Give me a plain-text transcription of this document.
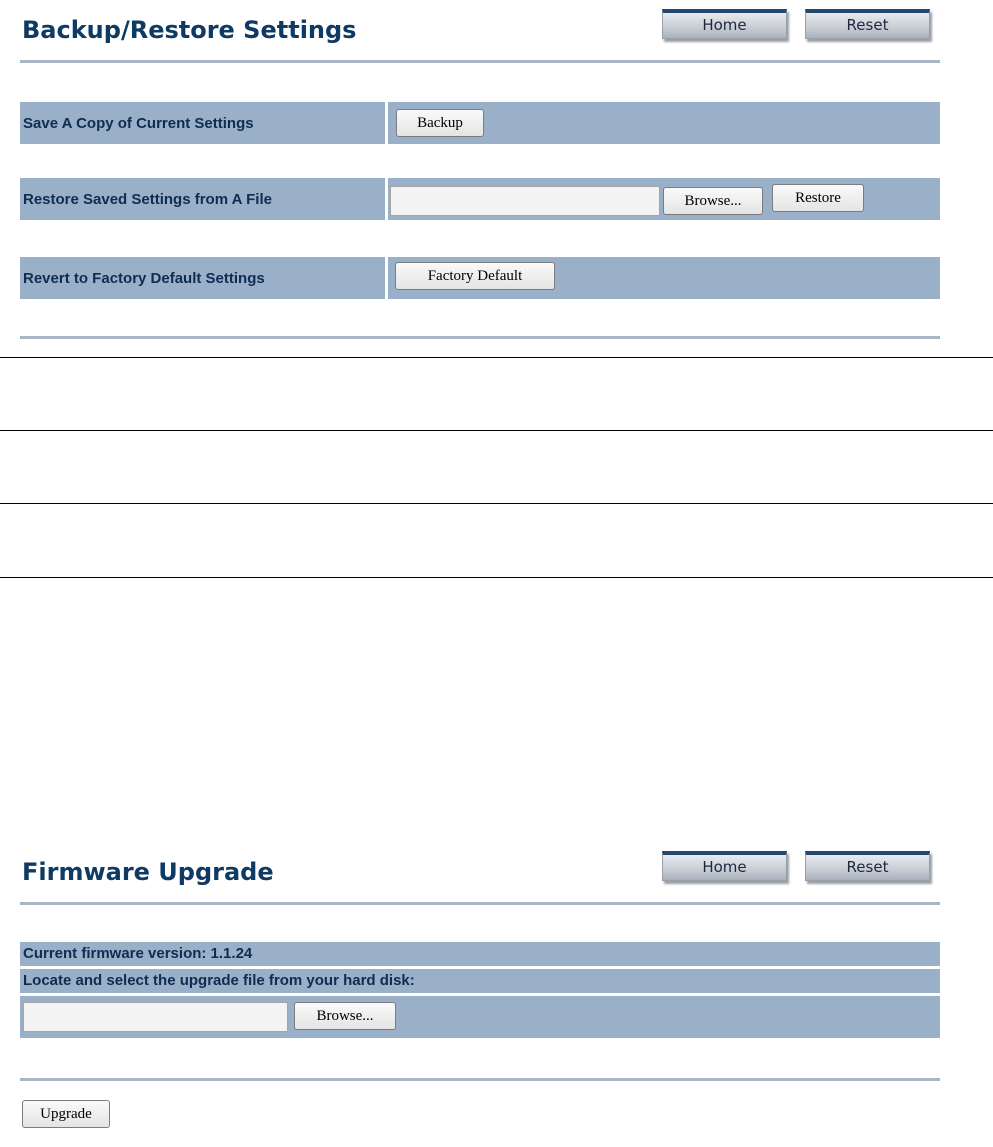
Backup/Restore Settings	Home	Reset
Save A Copy of Current Settings	Backup
Restore Saved Settings from A File	Browse...	Restore
Revert to Factory Default Settings	Factory Default
Firmware Upgrade	Home	Reset
Current firmware version: 1.1.24
Locate and select the upgrade file from your hard disk:
Browse...
Upgrade
